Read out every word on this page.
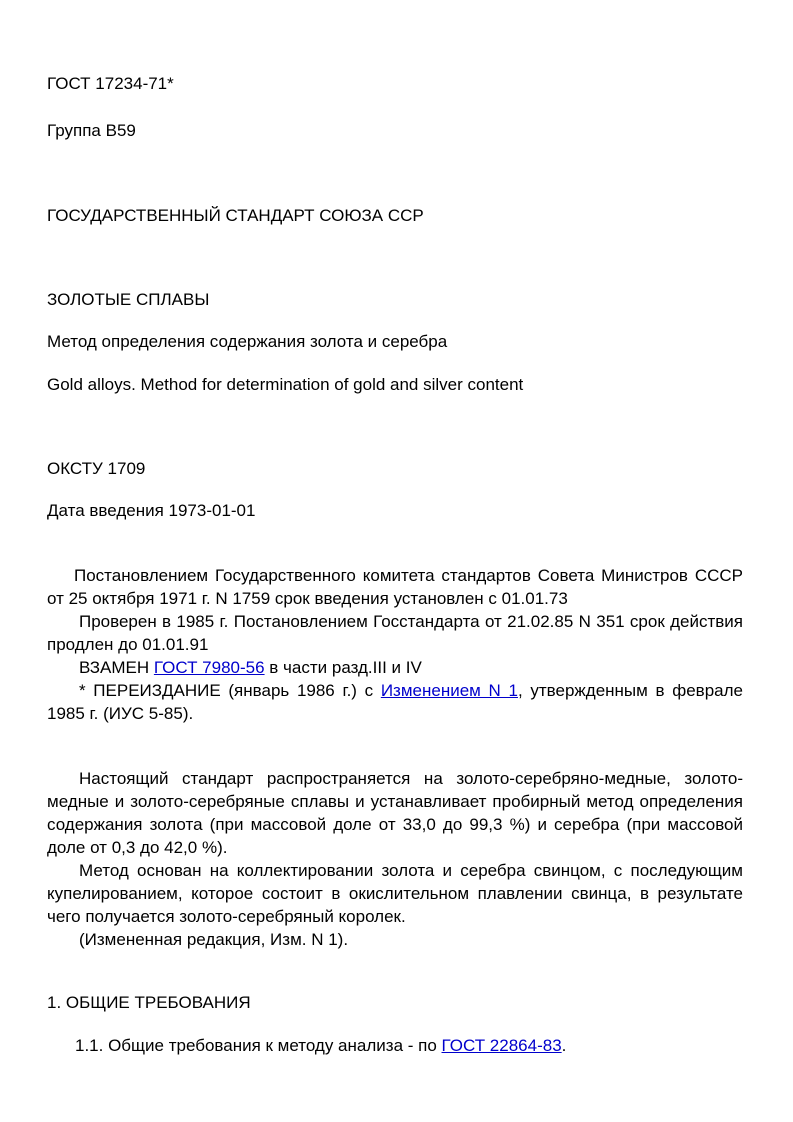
ГОСТ 17234-71*
Группа В59
ГОСУДАРСТВЕННЫЙ СТАНДАРТ СОЮЗА ССР
ЗОЛОТЫЕ СПЛАВЫ
Метод определения содержания золота и серебра
Gold alloys. Method for determination of gold and silver content
ОКСТУ 1709
Дата введения 1973-01-01

Постановлением Государственного комитета стандартов Совета Министров СССР от 25 октября 1971 г. N 1759 срок введения установлен с 01.01.73

Проверен в 1985 г. Постановлением Госстандарта от 21.02.85 N 351 срок действия продлен до 01.01.91

ВЗАМЕН ГОСТ 7980-56 в части разд.III и IV

* ПЕРЕИЗДАНИЕ (январь 1986 г.) с Изменением N 1, утвержденным в феврале 1985 г. (ИУС 5-85).

Настоящий стандарт распространяется на золото-серебряно-медные, золото-медные и золото-серебряные сплавы и устанавливает пробирный метод определения содержания золота (при массовой доле от 33,0 до 99,3 %) и серебра (при массовой доле от 0,3 до 42,0 %).

Метод основан на коллектировании золота и серебра свинцом, с последующим купелированием, которое состоит в окислительном плавлении свинца, в результате чего получается золото-серебряный королек.

(Измененная редакция, Изм. N 1).

1. ОБЩИЕ ТРЕБОВАНИЯ
1.1. Общие требования к методу анализа - по ГОСТ 22864-83.
